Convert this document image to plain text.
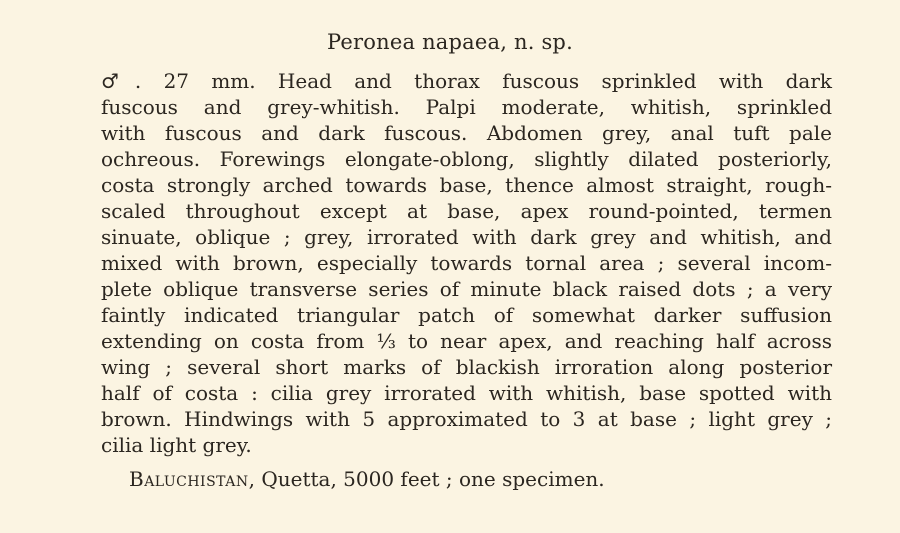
Peronea napaea, n. sp.
♂. 27 mm. Head and thorax fuscous sprinkled with dark
fuscous and grey-whitish. Palpi moderate, whitish, sprinkled
with fuscous and dark fuscous. Abdomen grey, anal tuft pale
ochreous. Forewings elongate-oblong, slightly dilated posteriorly,
costa strongly arched towards base, thence almost straight, rough-
scaled throughout except at base, apex round-pointed, termen
sinuate, oblique ; grey, irrorated with dark grey and whitish, and
mixed with brown, especially towards tornal area ; several incom-
plete oblique transverse series of minute black raised dots ; a very
faintly indicated triangular patch of somewhat darker suffusion
extending on costa from ⅓ to near apex, and reaching half across
wing ; several short marks of blackish irroration along posterior
half of costa : cilia grey irrorated with whitish, base spotted with
brown. Hindwings with 5 approximated to 3 at base ; light grey ;
cilia light grey.
Baluchistan, Quetta, 5000 feet ; one specimen.
